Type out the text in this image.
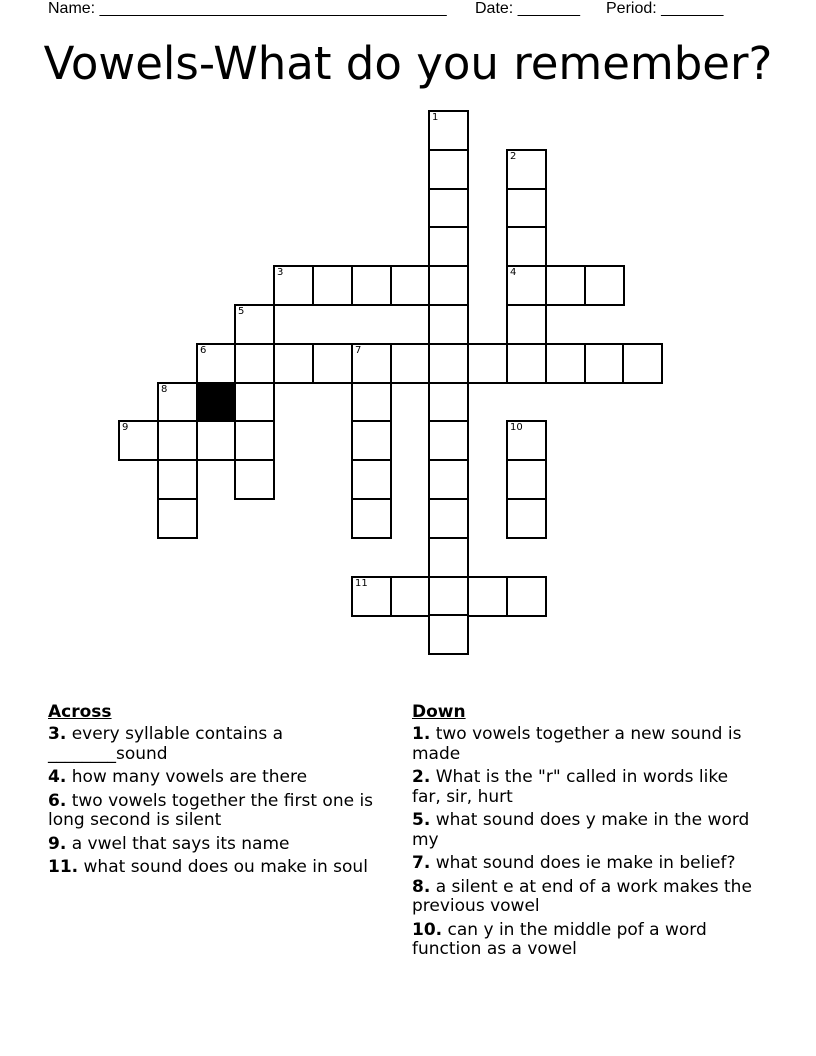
Name: _______________________________________

Date: _______

Period: _______

Vowels-What do you remember?
1
2
3	4
5
6	7
8
9	10
11
Across
3. every syllable contains a ________sound
4. how many vowels are there
6. two vowels together the first one is long second is silent
9. a vwel that says its name
11. what sound does ou make in soul
Down
1. two vowels together a new sound is made
2. What is the "r" called in words like far, sir, hurt
5. what sound does y make in the word my
7. what sound does ie make in belief?
8. a silent e at end of a work makes the previous vowel
10. can y in the middle pof a word function as a vowel
